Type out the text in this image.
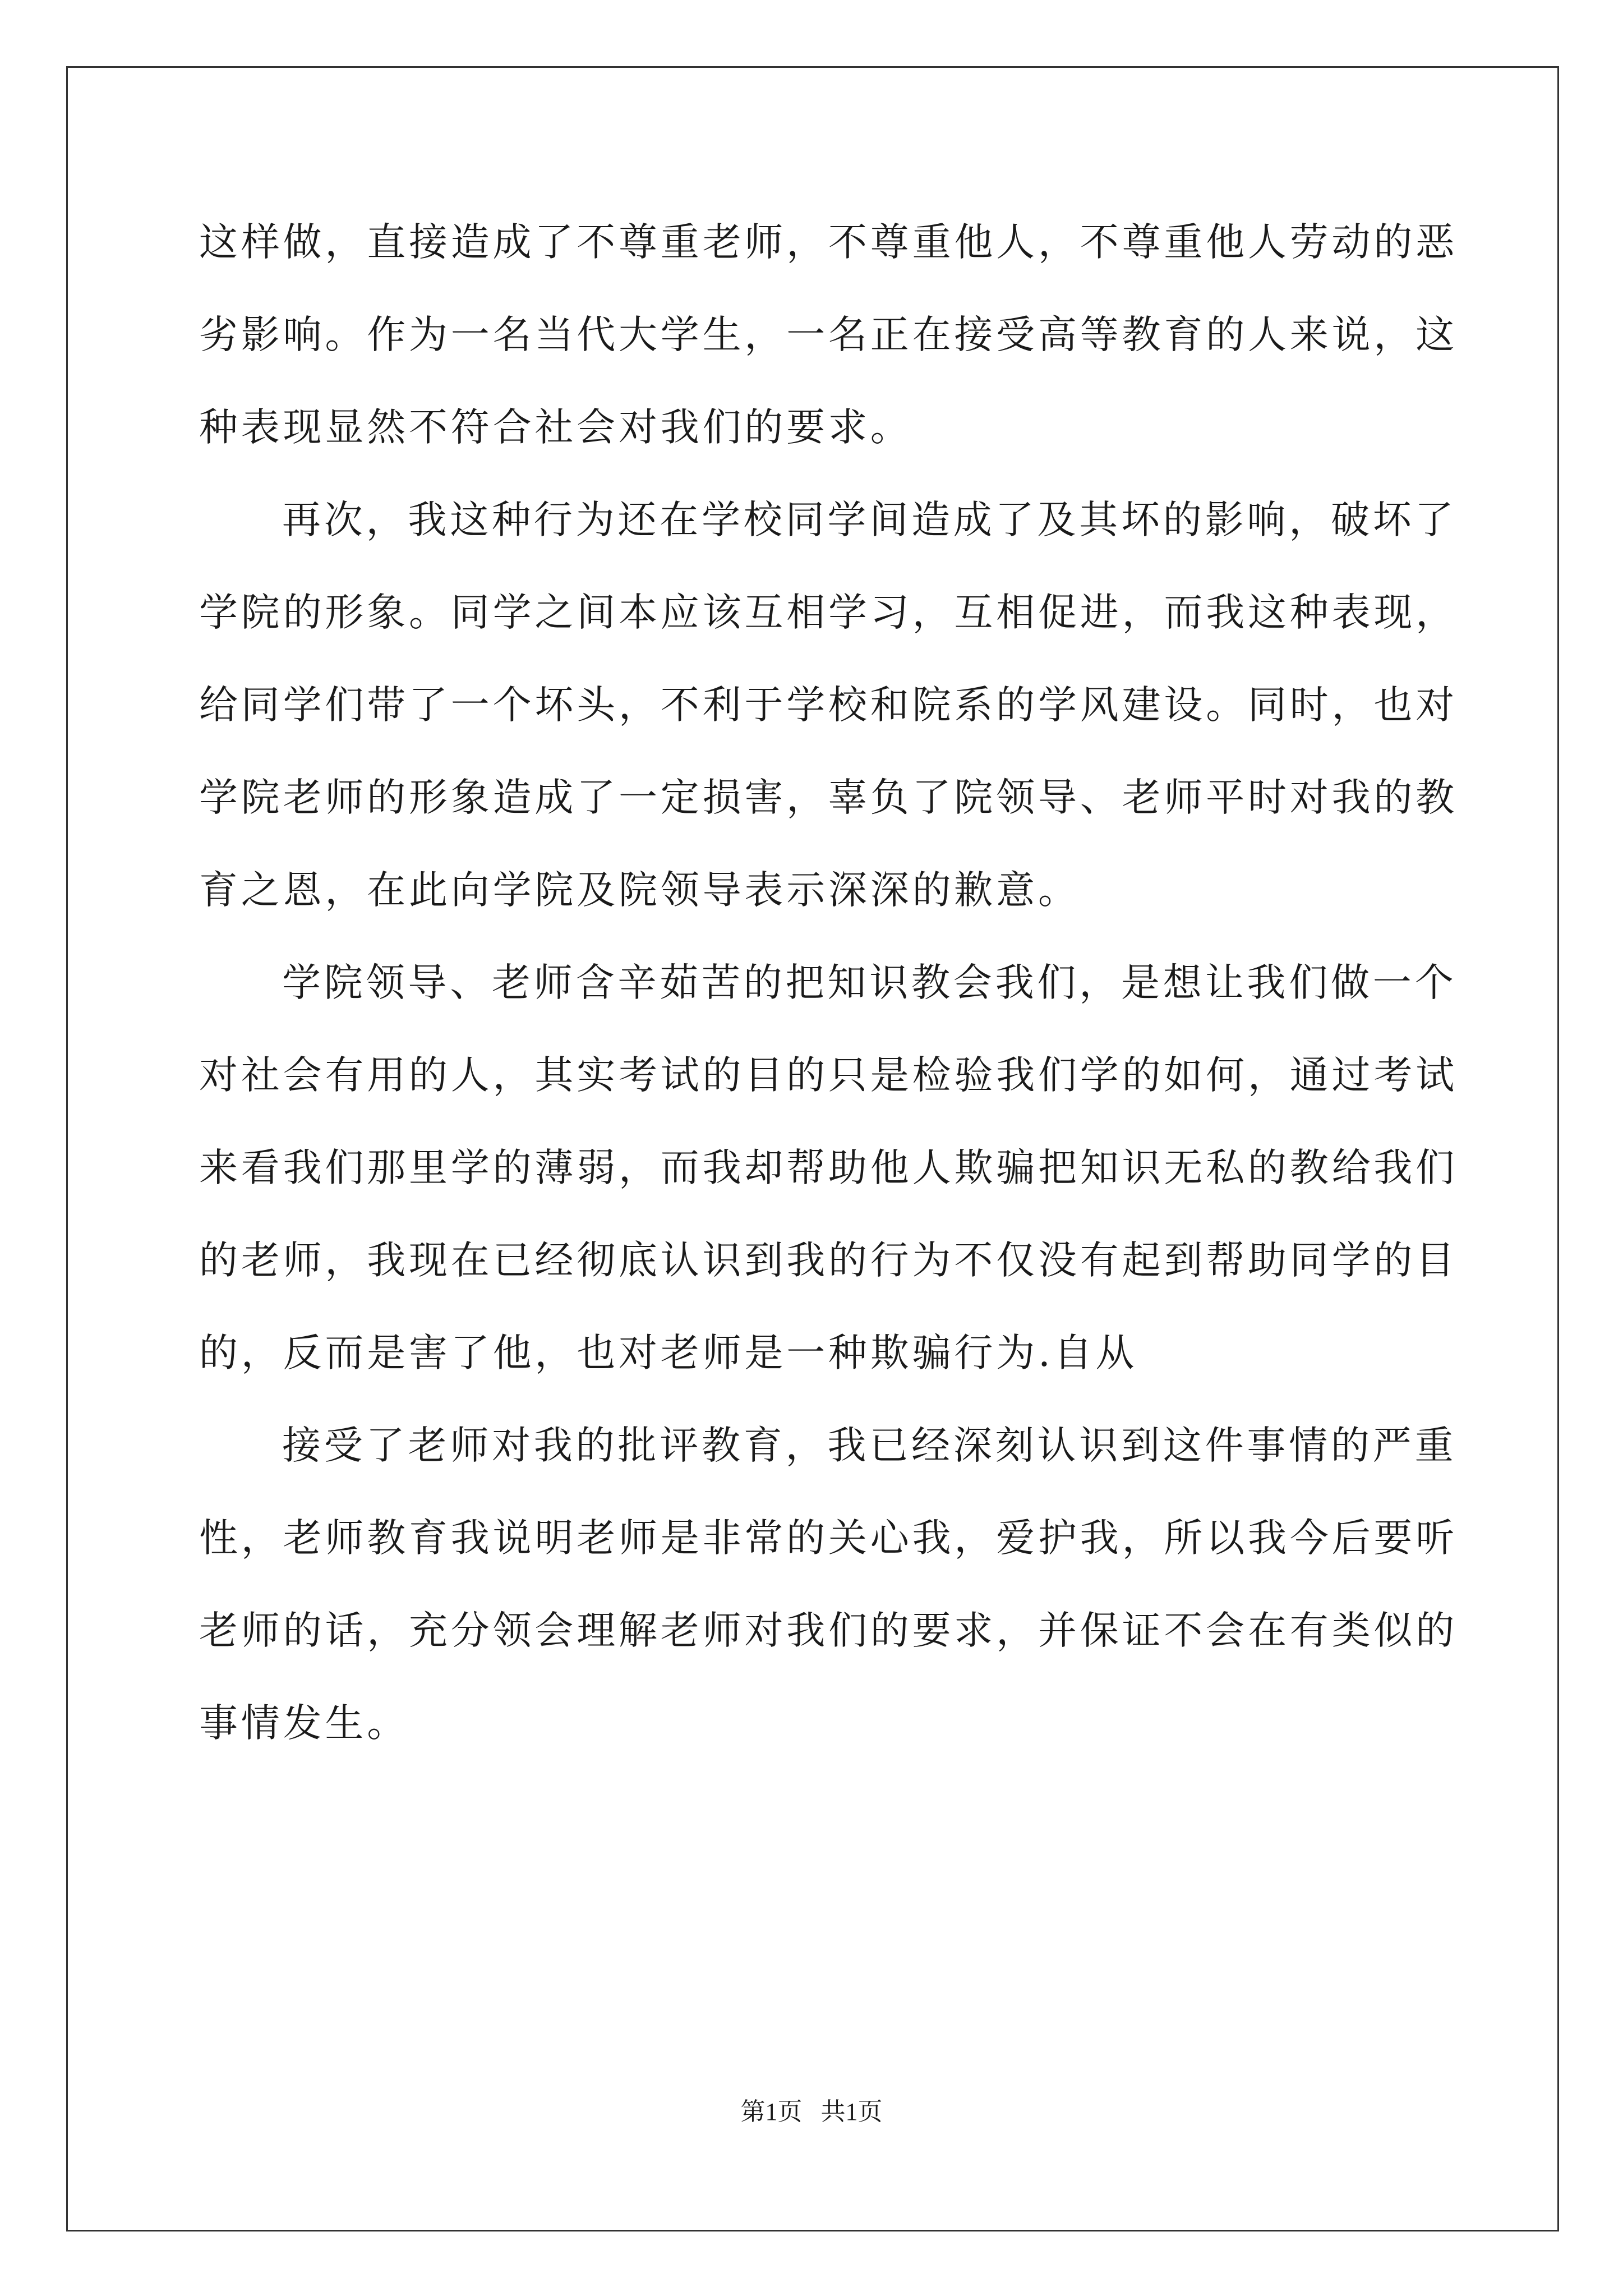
这样做，直接造成了不尊重老师，不尊重他人，不尊重他人劳动的恶
劣影响。作为一名当代大学生，一名正在接受高等教育的人来说，这
种表现显然不符合社会对我们的要求。
再次，我这种行为还在学校同学间造成了及其坏的影响，破坏了
学院的形象。同学之间本应该互相学习，互相促进，而我这种表现，
给同学们带了一个坏头，不利于学校和院系的学风建设。同时，也对
学院老师的形象造成了一定损害，辜负了院领导、老师平时对我的教
育之恩，在此向学院及院领导表示深深的歉意。
学院领导、老师含辛茹苦的把知识教会我们，是想让我们做一个
对社会有用的人，其实考试的目的只是检验我们学的如何，通过考试
来看我们那里学的薄弱，而我却帮助他人欺骗把知识无私的教给我们
的老师，我现在已经彻底认识到我的行为不仅没有起到帮助同学的目
的，反而是害了他，也对老师是一种欺骗行为.自从
接受了老师对我的批评教育，我已经深刻认识到这件事情的严重
性，老师教育我说明老师是非常的关心我，爱护我，所以我今后要听
老师的话，充分领会理解老师对我们的要求，并保证不会在有类似的
事情发生。
第1页 共1页
